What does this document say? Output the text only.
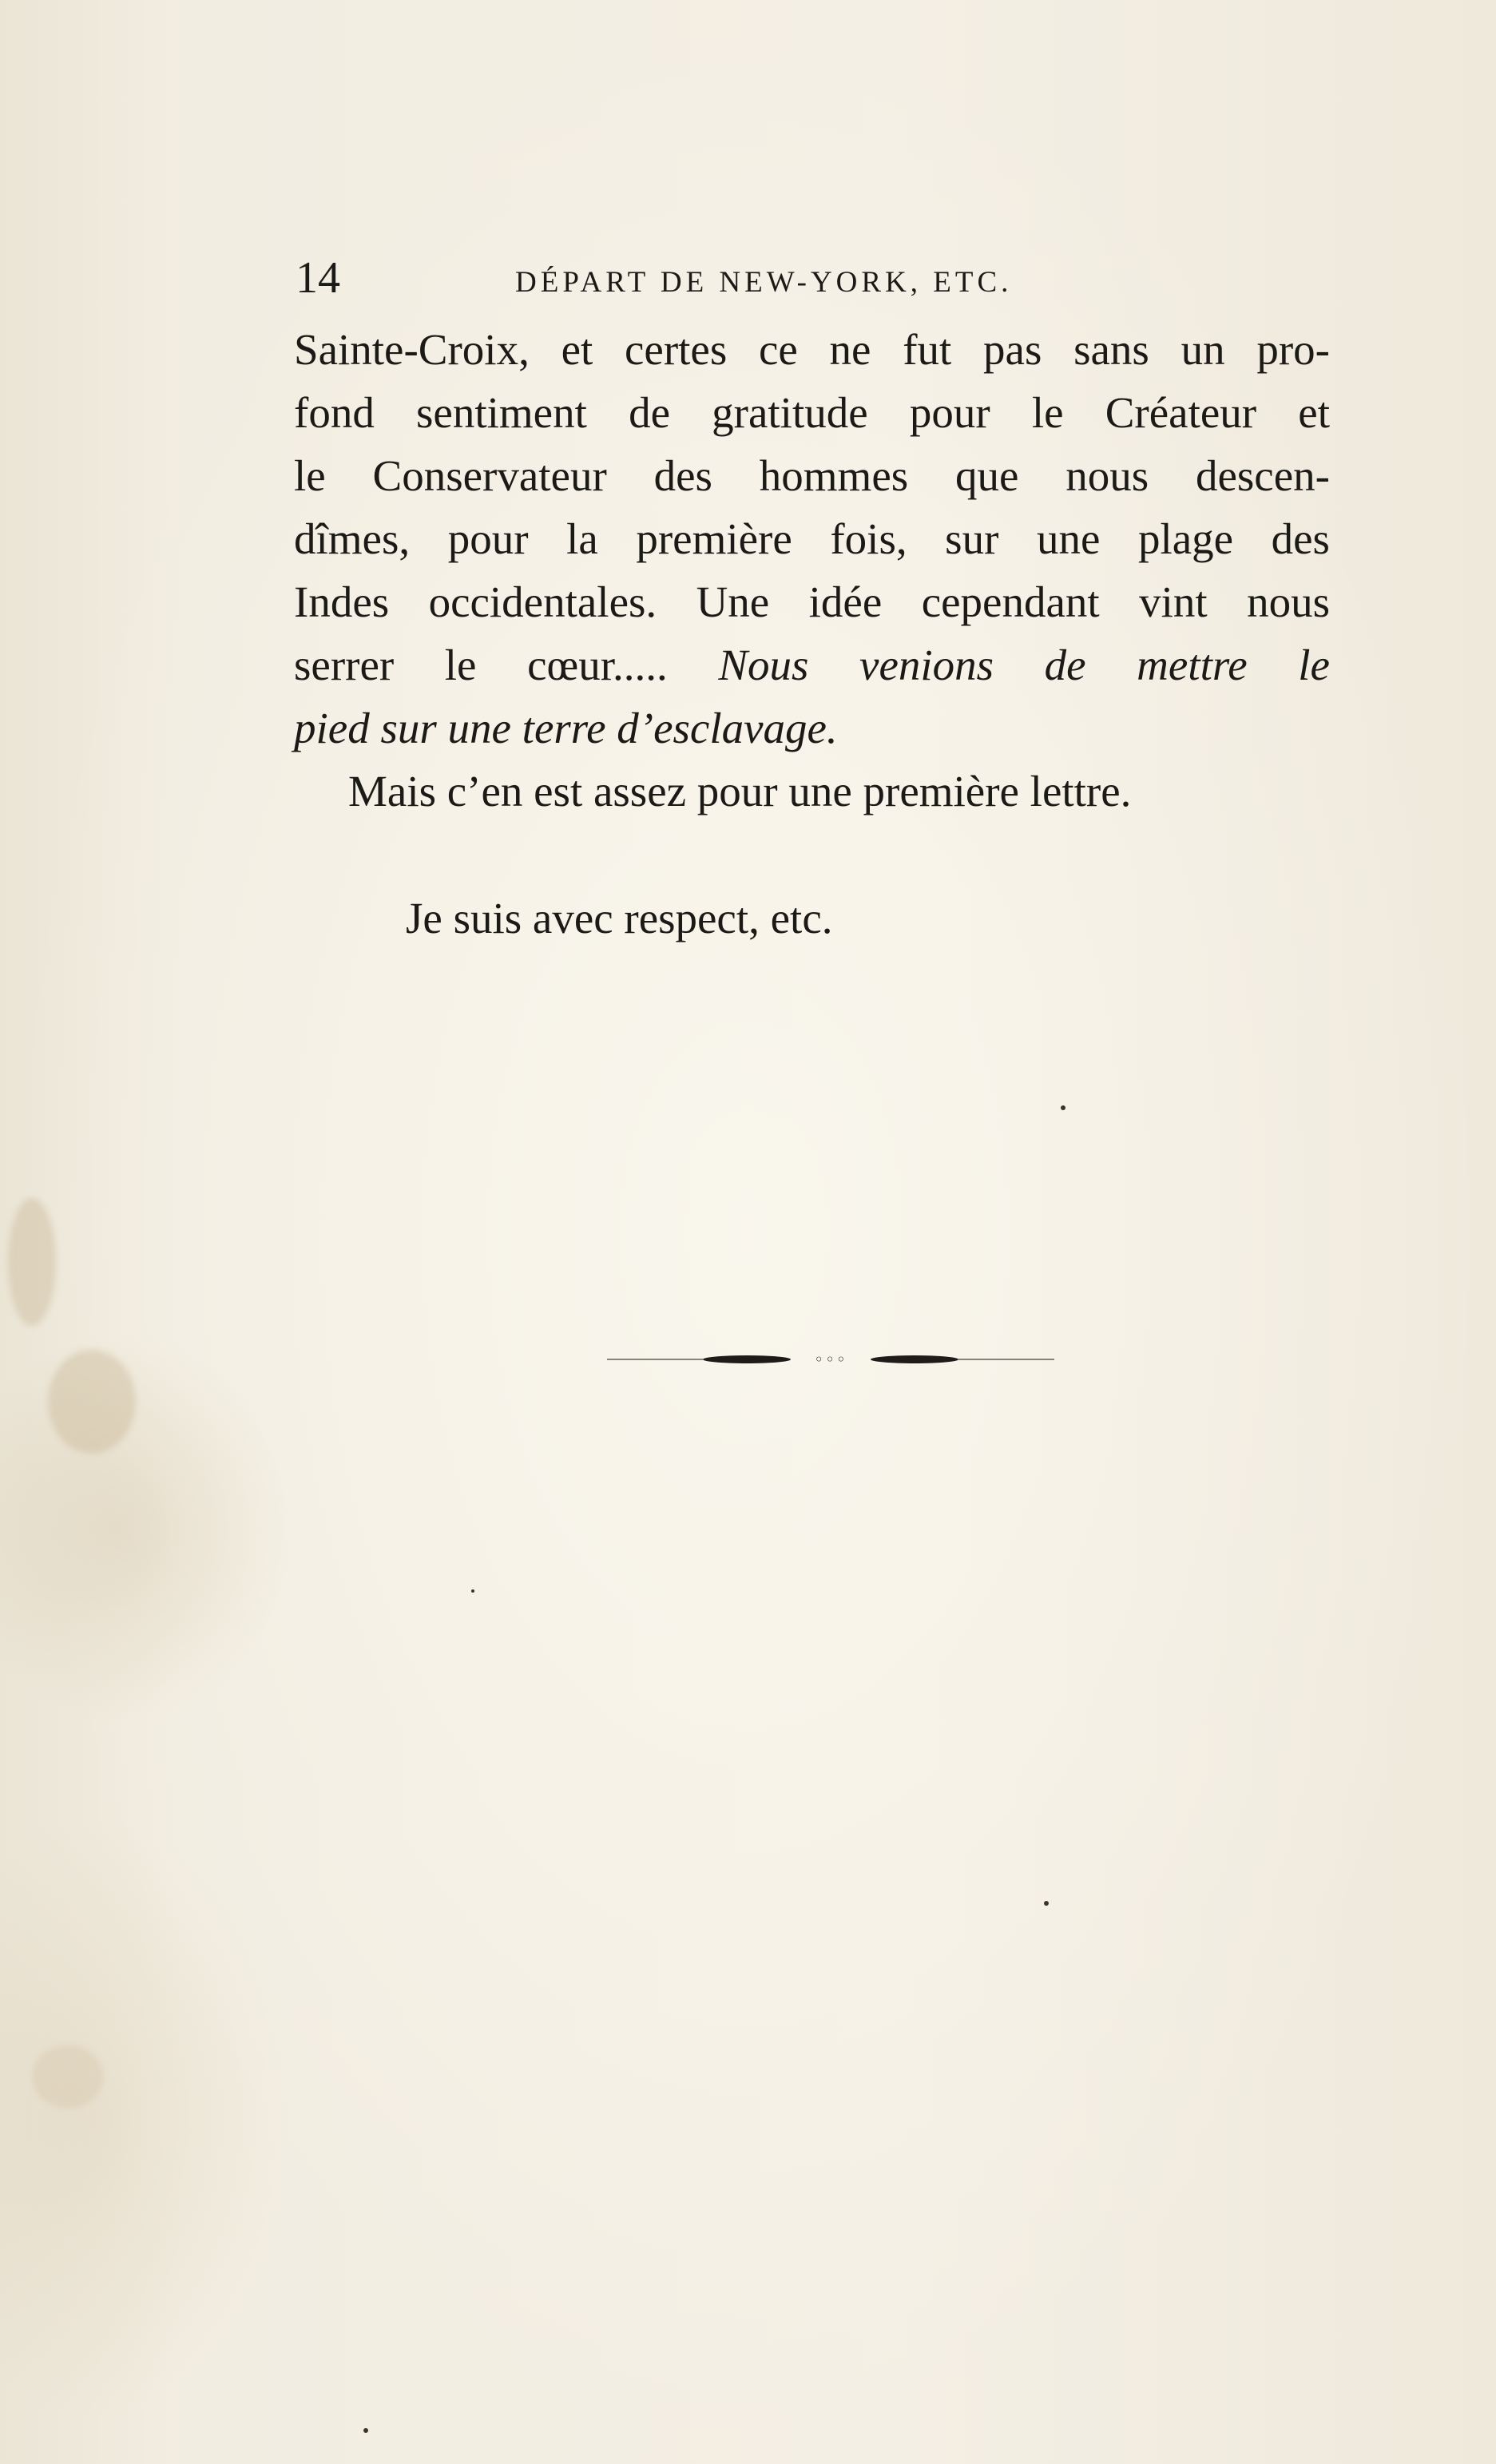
14	DÉPART DE NEW-YORK, ETC.
Sainte-Croix, et certes ce ne fut pas sans un pro-
fond sentiment de gratitude pour le Créateur et
le Conservateur des hommes que nous descen-
dîmes, pour la première fois, sur une plage des
Indes occidentales. Une idée cependant vint nous
serrer le cœur..... Nous venions de mettre le
pied sur une terre d’esclavage.
Mais c’en est assez pour une première lettre.
Je suis avec respect, etc.
◦◦◦
